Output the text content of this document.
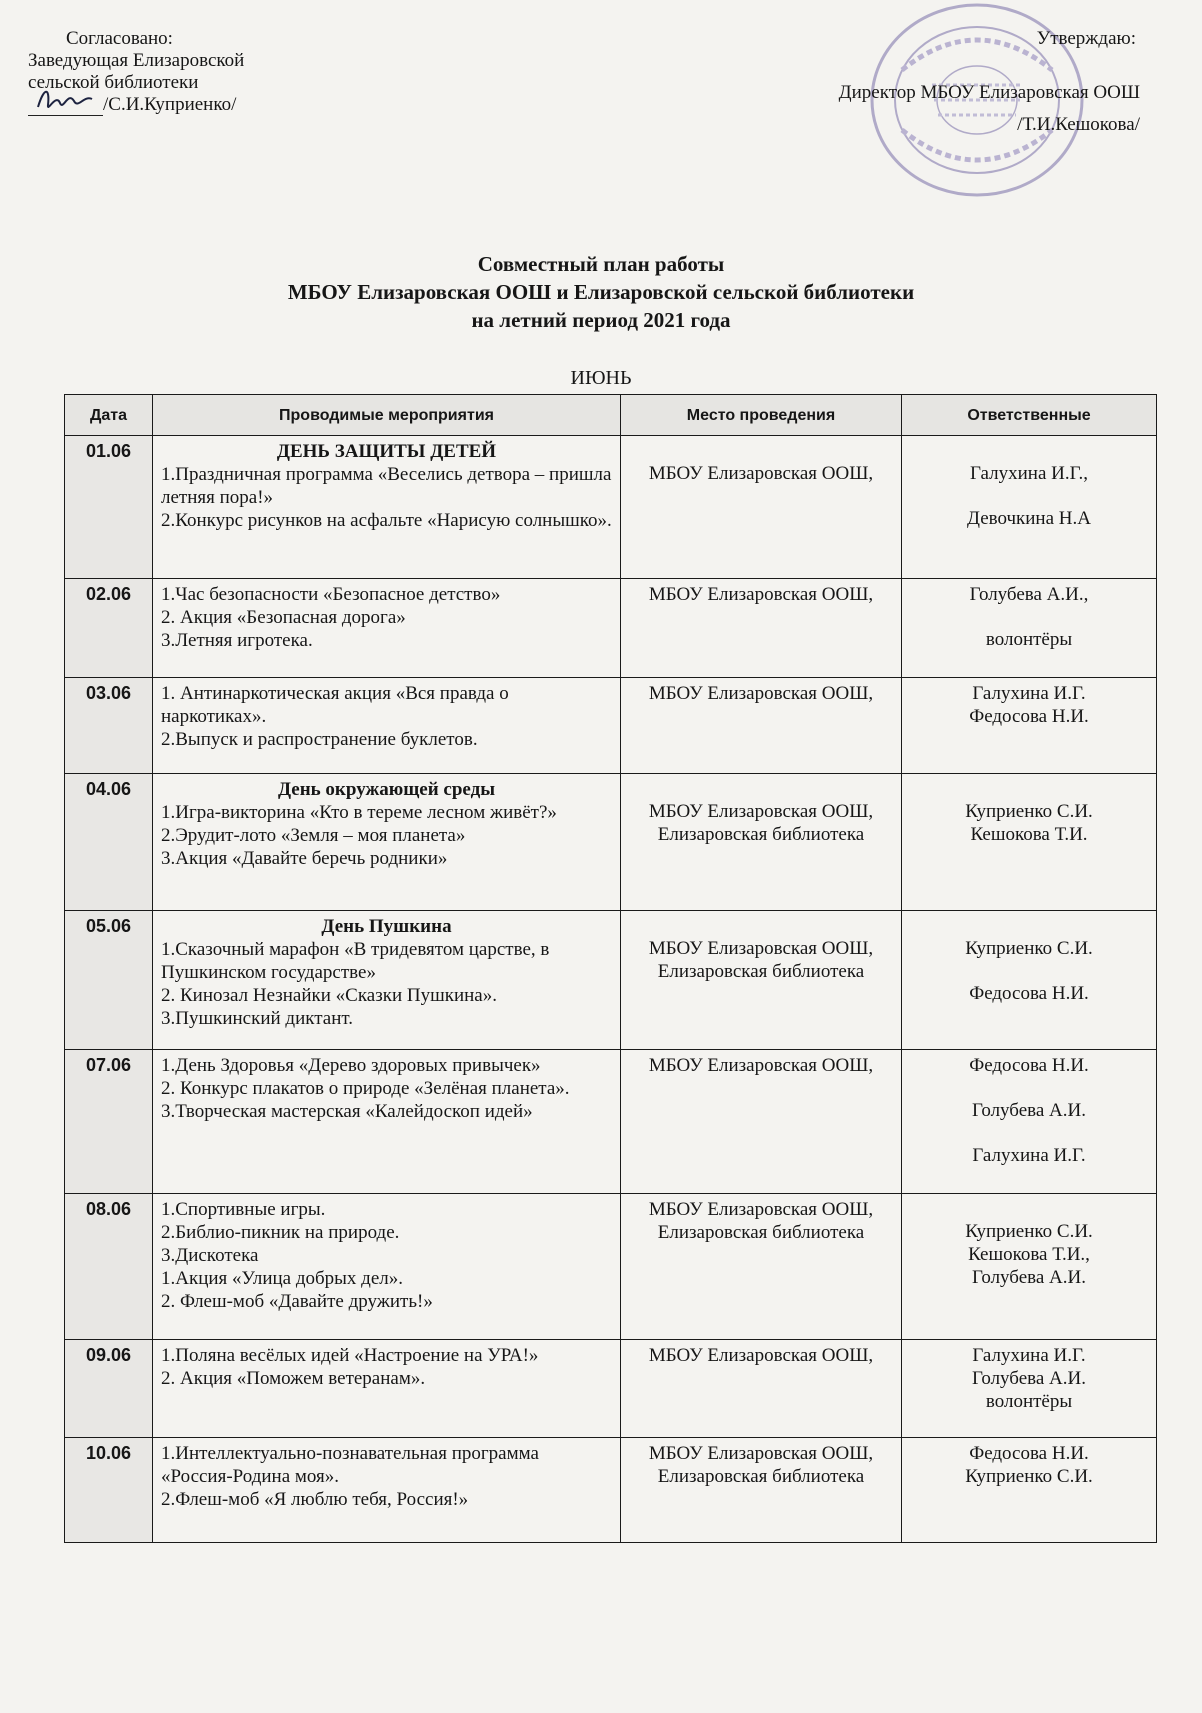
Согласовано:
Заведующая Елизаровской
сельской библиотеки
/С.И.Куприенко/
Утверждаю:
Директор МБОУ Елизаровская ООШ
/Т.И.Кешокова/
Совместный план работы
МБОУ Елизаровская ООШ и Елизаровской сельской библиотеки
на летний период 2021 года
ИЮНЬ
Дата	Проводимые мероприятия	Место проведения	Ответственные
01.06	ДЕНЬ ЗАЩИТЫ ДЕТЕЙ
1.Праздничная программа «Веселись детвора – пришла летняя пора!»
2.Конкурс рисунков на асфальте «Нарисую солнышко».	МБОУ Елизаровская ООШ,	Галухина И.Г.,
Девочкина Н.А

02.06	1.Час безопасности «Безопасное детство»
2. Акция «Безопасная дорога»
3.Летняя игротека.	МБОУ Елизаровская ООШ,	Голубева А.И.,
волонтёры

03.06	1. Антинаркотическая акция «Вся правда о наркотиках».
2.Выпуск и распространение буклетов.	МБОУ Елизаровская ООШ,	Галухина И.Г.
Федосова Н.И.

04.06	День окружающей среды
1.Игра-викторина «Кто в тереме лесном живёт?»
2.Эрудит-лото «Земля – моя планета»
3.Акция «Давайте беречь родники»	МБОУ Елизаровская ООШ,
Елизаровская библиотека	Куприенко С.И.
Кешокова Т.И.

05.06	День Пушкина
1.Сказочный марафон «В тридевятом царстве, в Пушкинском государстве»
2. Кинозал Незнайки «Сказки Пушкина».
3.Пушкинский диктант.	МБОУ Елизаровская ООШ,
Елизаровская библиотека	Куприенко С.И.
Федосова Н.И.

07.06	1.День Здоровья «Дерево здоровых привычек»
2. Конкурс плакатов о природе «Зелёная планета».
3.Творческая мастерская «Калейдоскоп идей»	МБОУ Елизаровская ООШ,	Федосова Н.И.
Голубева А.И.
Галухина И.Г.

08.06	1.Спортивные игры.
2.Библио-пикник на природе.
3.Дискотека
1.Акция «Улица добрых дел».
2. Флеш-моб «Давайте дружить!»	МБОУ Елизаровская ООШ,
Елизаровская библиотека	Куприенко С.И.
Кешокова Т.И.,
Голубева А.И.

09.06	1.Поляна весёлых идей «Настроение на УРА!»
2. Акция «Поможем ветеранам».	МБОУ Елизаровская ООШ,	Галухина И.Г.
Голубева А.И.
волонтёры

10.06	1.Интеллектуально-познавательная программа «Россия-Родина моя».
2.Флеш-моб «Я люблю тебя, Россия!»	МБОУ Елизаровская ООШ,
Елизаровская библиотека	Федосова Н.И.
Куприенко С.И.
